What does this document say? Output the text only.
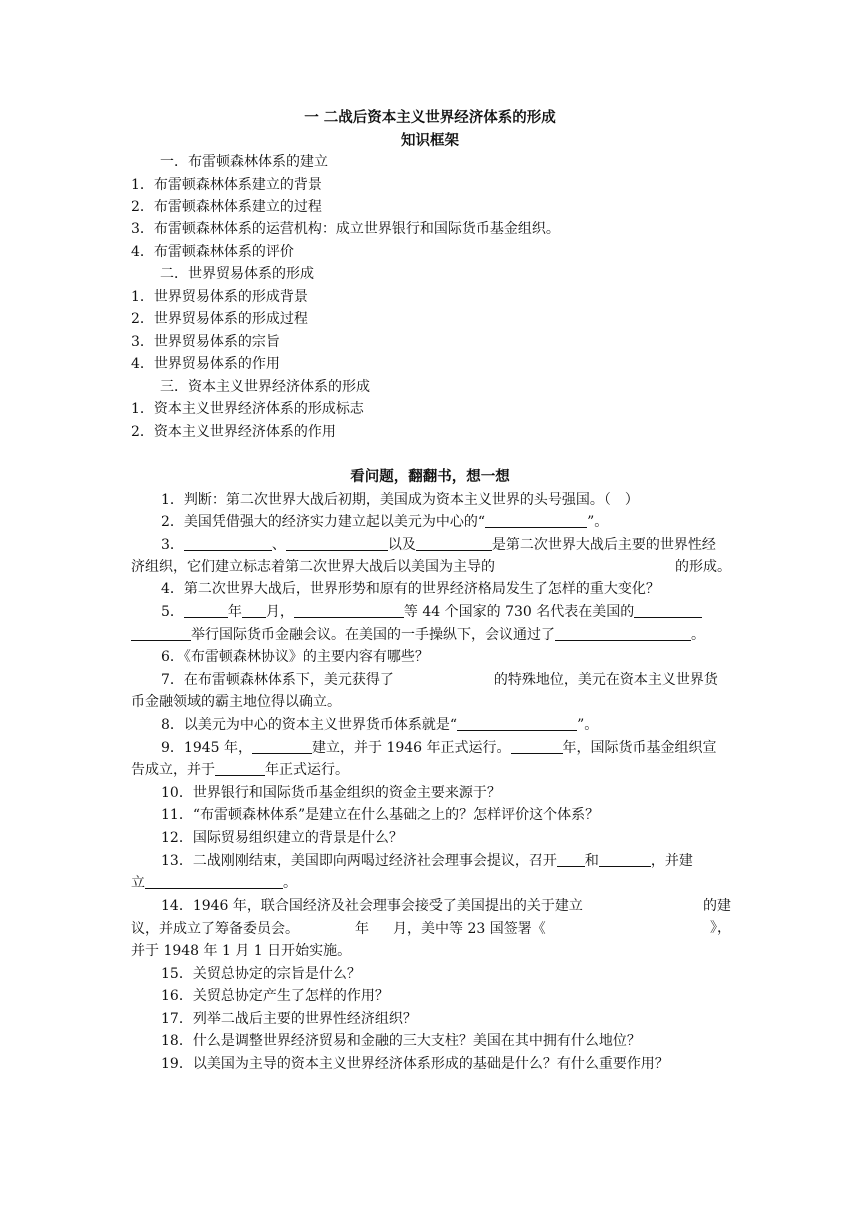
一 二战后资本主义世界经济体系的形成
知识框架
一．布雷顿森林体系的建立
1．布雷顿森林体系建立的背景
2．布雷顿森林体系建立的过程
3．布雷顿森林体系的运营机构：成立世界银行和国际货币基金组织。
4．布雷顿森林体系的评价
二．世界贸易体系的形成
1．世界贸易体系的形成背景
2．世界贸易体系的形成过程
3．世界贸易体系的宗旨
4．世界贸易体系的作用
三．资本主义世界经济体系的形成
1．资本主义世界经济体系的形成标志
2．资本主义世界经济体系的作用
看问题，翻翻书，想一想
1．判断：第二次世界大战后初期，美国成为资本主义世界的头号强国。（　）
2．美国凭借强大的经济实力建立起以美元为中心的“	”。
3．	、	以及	是第二次世界大战后主要的世界性经
济组织，它们建立标志着第二次世界大战后以美国为主导的	的形成。
4．第二次世界大战后，世界形势和原有的世界经济格局发生了怎样的重大变化？
5．	年 月，	等 44 个国家的 730 名代表在美国的
举行国际货币金融会议。在美国的一手操纵下，会议通过了	。
6．《布雷顿森林协议》的主要内容有哪些？
7．在布雷顿森林体系下，美元获得了	的特殊地位，美元在资本主义世界货
币金融领域的霸主地位得以确立。
8．以美元为中心的资本主义世界货币体系就是“	”。
9．1945 年，	建立，并于 1946 年正式运行。	年，国际货币基金组织宣
告成立，并于	年正式运行。
10．世界银行和国际货币基金组织的资金主要来源于？
11．“布雷顿森林体系”是建立在什么基础之上的？怎样评价这个体系？
12．国际贸易组织建立的背景是什么？
13．二战刚刚结束，美国即向两喝过经济社会理事会提议，召开 和	，并建
立	。
14．1946 年，联合国经济及社会理事会接受了美国提出的关于建立	的建
议，并成立了筹备委员会。	年 月，美中等 23 国签署《	》，
并于 1948 年 1 月 1 日开始实施。
15．关贸总协定的宗旨是什么？
16．关贸总协定产生了怎样的作用？
17．列举二战后主要的世界性经济组织？
18．什么是调整世界经济贸易和金融的三大支柱？美国在其中拥有什么地位？
19．以美国为主导的资本主义世界经济体系形成的基础是什么？有什么重要作用？
